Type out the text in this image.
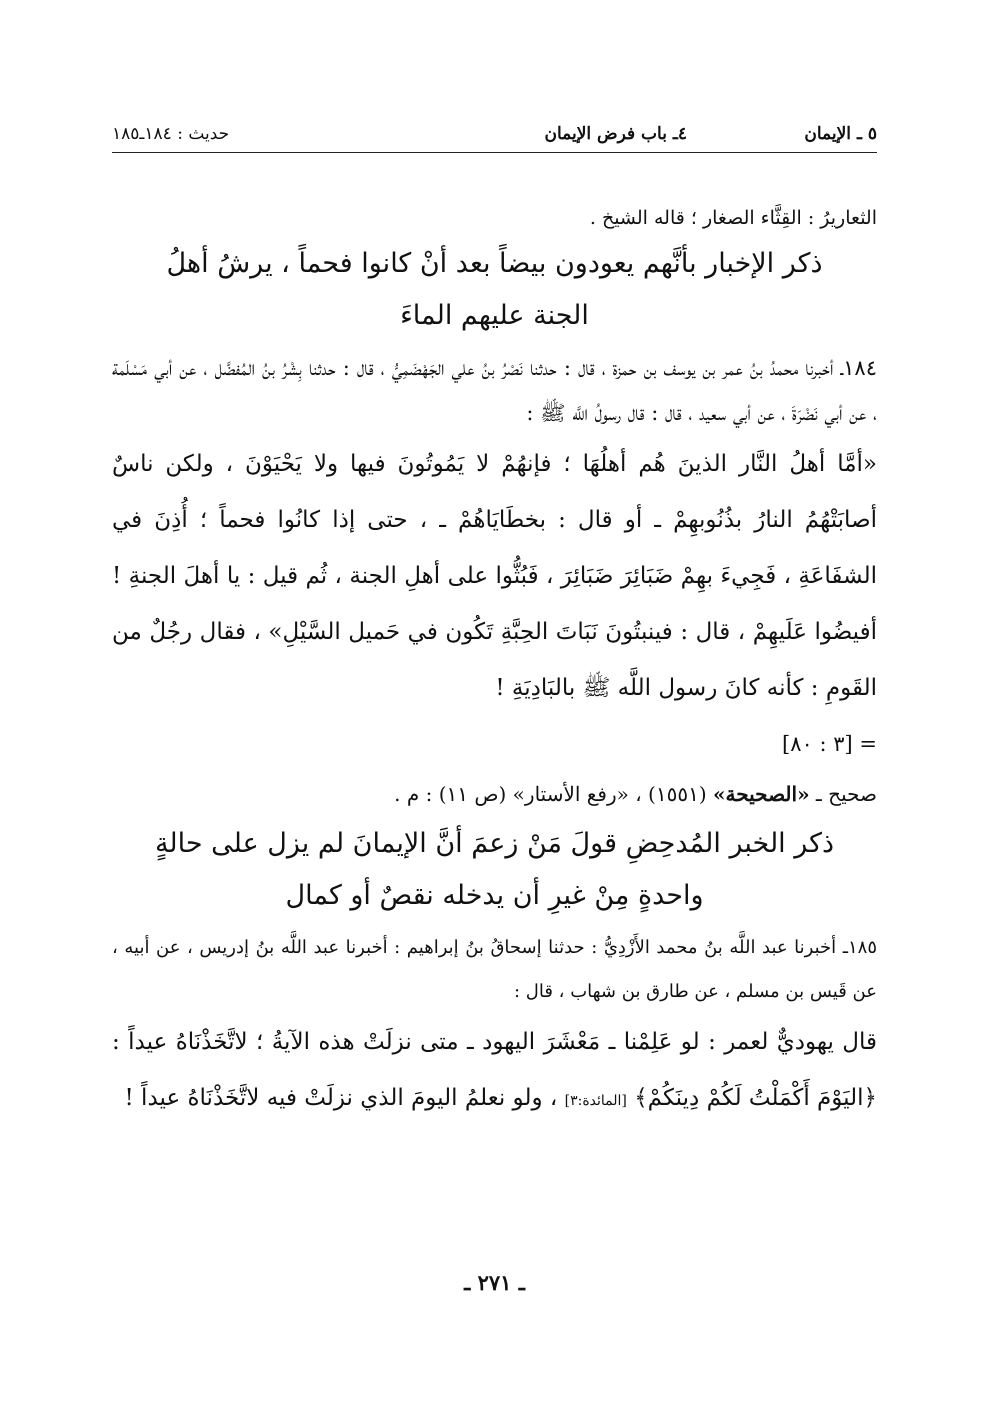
٥ ـ الإيمان
٤ـ باب فرض الإيمان
حديث : ١٨٤ـ١٨٥

الثعاريرُ : القِثَّاء الصغار ؛ قاله الشيخ .

ذكر الإخبار بأنَّهم يعودون بيضاً بعد أنْ كانوا فحماً ، يرشُ أهلُ
الجنة عليهم الماءَ

١٨٤ـ أخبرنا محمدُ بنُ عمر بن يوسف بن حمزة ، قال : حدثنا نَصْرُ بنُ علي الجَهْضَمِيُّ ، قال : حدثنا بِشْرُ بنُ المُفضَّل ، عن أبي مَسْلَمة ، عن أبي نَضْرَةَ ، عن أبي سعيد ، قال : قال رسولُ اللَّه ﷺ :

«أمَّا أهلُ النَّار الذينَ هُم أهلُهَا ؛ فإنهُمْ لا يَمُوتُونَ فيها ولا يَحْيَوْنَ ، ولكن ناسٌ أصابَتْهُمُ النارُ بذُنُوبهِمْ ـ أو قال : بخطَايَاهُمْ ـ ، حتى إذا كانُوا فحماً ؛ أُذِنَ في الشفَاعَةِ ، فَجِيءَ بهِمْ ضَبَائِرَ ضَبَائِرَ ، فَبُثُّوا على أهلِ الجنة ، ثُم قيل : يا أهلَ الجنةِ ! أفيضُوا عَلَيهِمْ ، قال : فينبتُونَ نَبَاتَ الحِبَّةِ تَكُون في حَميل السَّيْلِ» ، فقال رجُلٌ من القَومِ : كأنه كانَ رسول اللَّه ﷺ بالبَادِيَةِ !

= [٣ : ٨٠]

صحيح ـ «الصحيحة» (١٥٥١) ، «رفع الأستار» (ص ١١) : م .

ذكر الخبر المُدحِضِ قولَ مَنْ زعمَ أنَّ الإيمانَ لم يزل على حالةٍ
واحدةٍ مِنْ غيرِ أن يدخله نقصٌ أو كمال

١٨٥ـ أخبرنا عبد اللَّه بنُ محمد الأَزْدِيُّ : حدثنا إسحاقُ بنُ إبراهيم : أخبرنا عبد اللَّه بنُ إدريس ، عن أبيه ، عن قَيس بن مسلم ، عن طارق بن شهاب ، قال :

قال يهوديٌّ لعمر : لو عَلِمْنا ـ مَعْشَرَ اليهود ـ متى نزلَتْ هذه الآيةُ ؛ لاتَّخَذْنَاهُ عيداً : ﴿اليَوْمَ أَكْمَلْتُ لَكُمْ دِينَكُمْ﴾ [المائدة:٣] ، ولو نعلمُ اليومَ الذي نزلَتْ فيه لاتَّخَذْنَاهُ عيداً !

ـ ٢٧١ ـ
